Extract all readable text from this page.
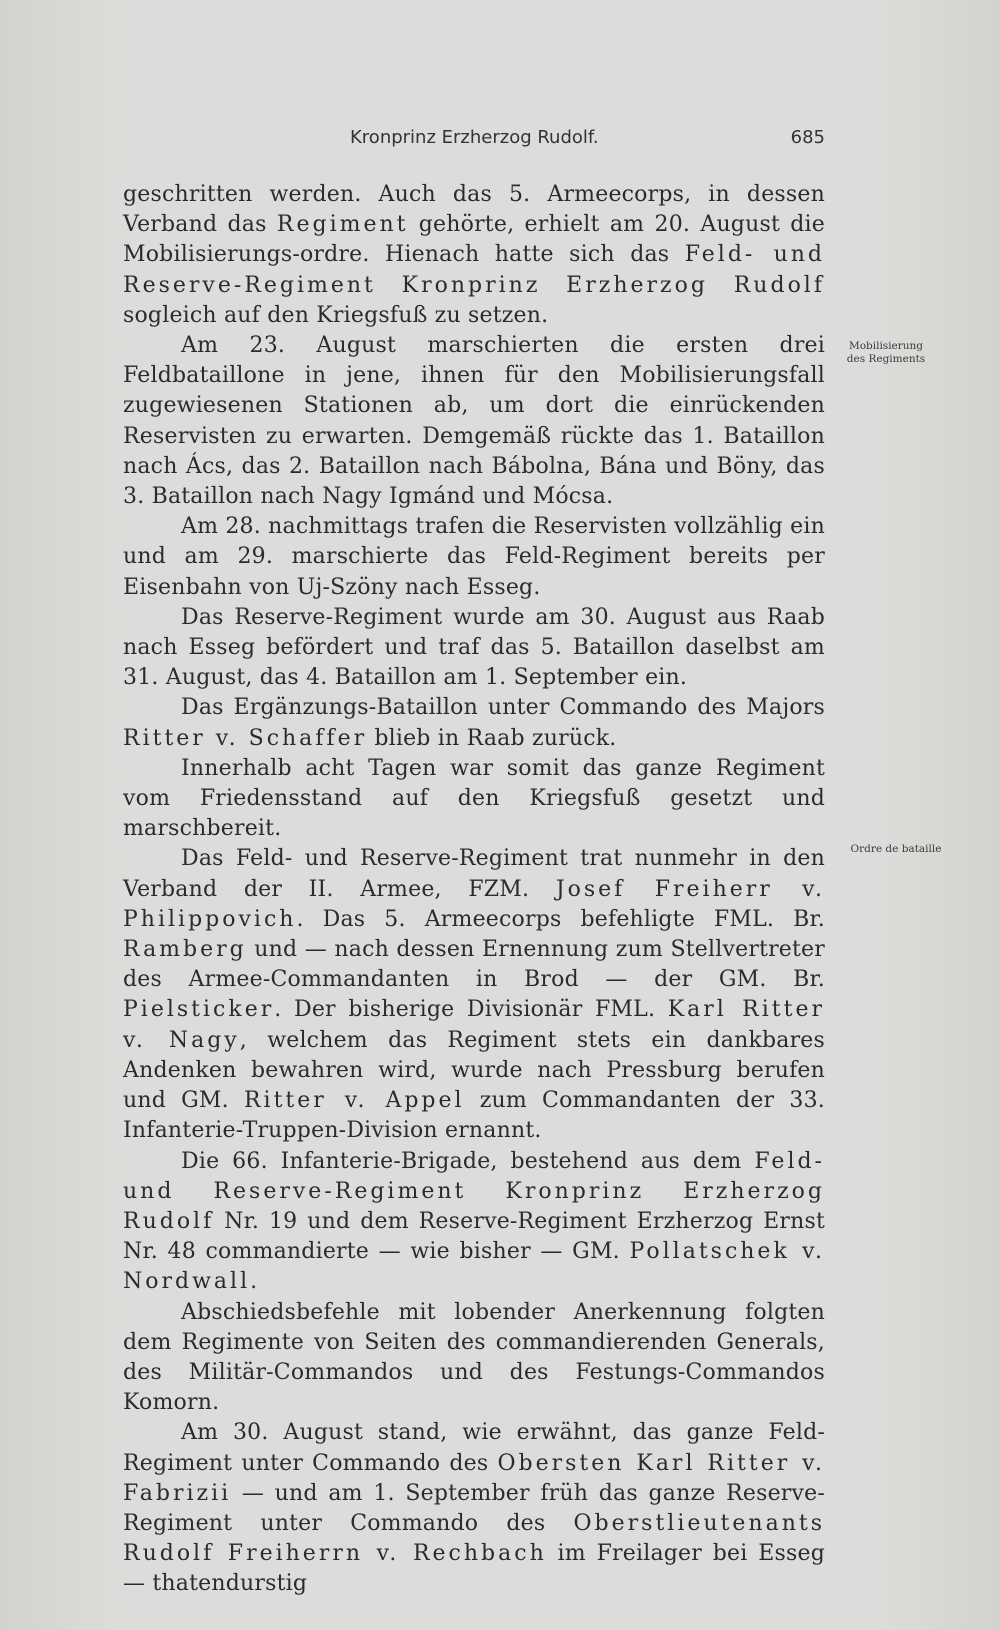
Kronprinz Erzherzog Rudolf.	685
Mobilisierung
des Regiments
Ordre de bataille

geschritten werden. Auch das 5. Armeecorps, in dessen Verband das Regiment gehörte, erhielt am 20. August die Mobilisierungs-ordre. Hienach hatte sich das Feld- und Reserve-Regiment Kronprinz Erzherzog Rudolf sogleich auf den Kriegsfuß zu setzen.

Am 23. August marschierten die ersten drei Feldbataillone in jene, ihnen für den Mobilisierungsfall zugewiesenen Stationen ab, um dort die einrückenden Reservisten zu erwarten. Demgemäß rückte das 1. Bataillon nach Ács, das 2. Bataillon nach Bábolna, Bána und Böny, das 3. Bataillon nach Nagy Igmánd und Mócsa.

Am 28. nachmittags trafen die Reservisten vollzählig ein und am 29. marschierte das Feld-Regiment bereits per Eisenbahn von Uj-Szöny nach Esseg.

Das Reserve-Regiment wurde am 30. August aus Raab nach Esseg befördert und traf das 5. Bataillon daselbst am 31. August, das 4. Bataillon am 1. September ein.

Das Ergänzungs-Bataillon unter Commando des Majors Ritter v. Schaffer blieb in Raab zurück.

Innerhalb acht Tagen war somit das ganze Regiment vom Friedensstand auf den Kriegsfuß gesetzt und marschbereit.

Das Feld- und Reserve-Regiment trat nunmehr in den Verband der II. Armee, FZM. Josef Freiherr v. Philippovich. Das 5. Armeecorps befehligte FML. Br. Ramberg und — nach dessen Ernennung zum Stellvertreter des Armee-Commandanten in Brod — der GM. Br. Pielsticker. Der bisherige Divisionär FML. Karl Ritter v. Nagy, welchem das Regiment stets ein dankbares Andenken bewahren wird, wurde nach Pressburg berufen und GM. Ritter v. Appel zum Commandanten der 33. Infanterie-Truppen-Division ernannt.

Die 66. Infanterie-Brigade, bestehend aus dem Feld- und Reserve-Regiment Kronprinz Erzherzog Rudolf Nr. 19 und dem Reserve-Regiment Erzherzog Ernst Nr. 48 commandierte — wie bisher — GM. Pollatschek v. Nordwall.

Abschiedsbefehle mit lobender Anerkennung folgten dem Regimente von Seiten des commandierenden Generals, des Militär-Commandos und des Festungs-Commandos Komorn.

Am 30. August stand, wie erwähnt, das ganze Feld-Regiment unter Commando des Obersten Karl Ritter v. Fabrizii — und am 1. September früh das ganze Reserve-Regiment unter Commando des Oberstlieutenants Rudolf Freiherrn v. Rechbach im Freilager bei Esseg — thatendurstig
